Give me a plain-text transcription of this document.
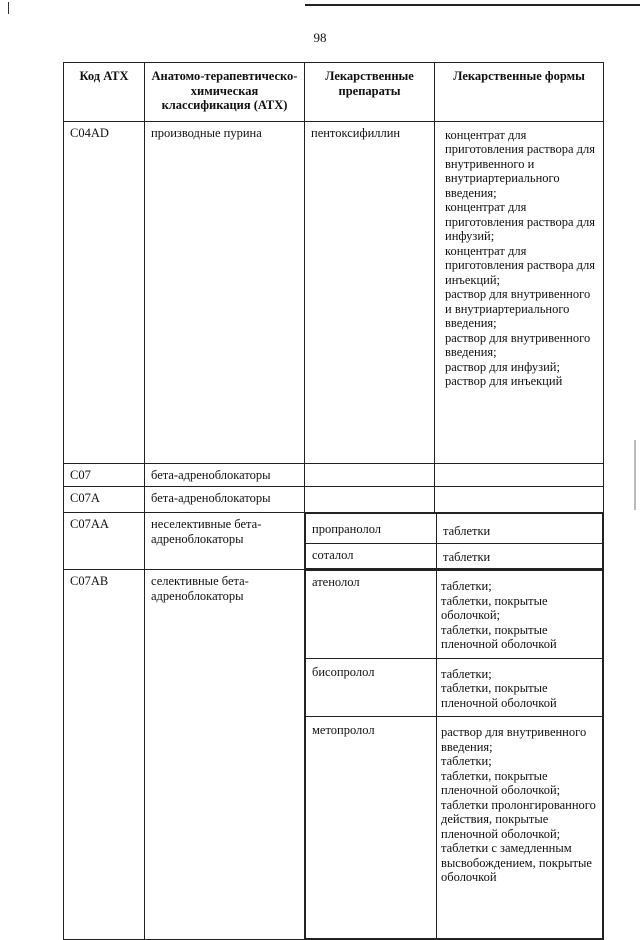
98
Код АТХ	Анатомо-терапевтическо-химическая классификация (АТХ)	Лекарственные препараты	Лекарственные формы

C04AD	производные пурина	пентоксифиллин	концентрат для приготовления раствора для внутривенного и внутриартериального введения;
концентрат для приготовления раствора для инфузий;
концентрат для приготовления раствора для инъекций;
раствор для внутривенного и внутриартериального введения;
раствор для внутривенного введения;
раствор для инфузий;
раствор для инъекций

C07	бета-адреноблокаторы

C07A	бета-адреноблокаторы

C07AA	неселективные бета-адреноблокаторы

пропранолол	таблетки

соталол	таблетки

C07AB	селективные бета-адреноблокаторы

атенолол	таблетки;
таблетки, покрытые оболочкой;
таблетки, покрытые пленочной оболочкой

бисопролол	таблетки;
таблетки, покрытые пленочной оболочкой

метопролол	раствор для внутривенного введения;
таблетки;
таблетки, покрытые пленочной оболочкой;
таблетки пролонгированного действия, покрытые пленочной оболочкой;
таблетки с замедленным высвобождением, покрытые оболочкой
